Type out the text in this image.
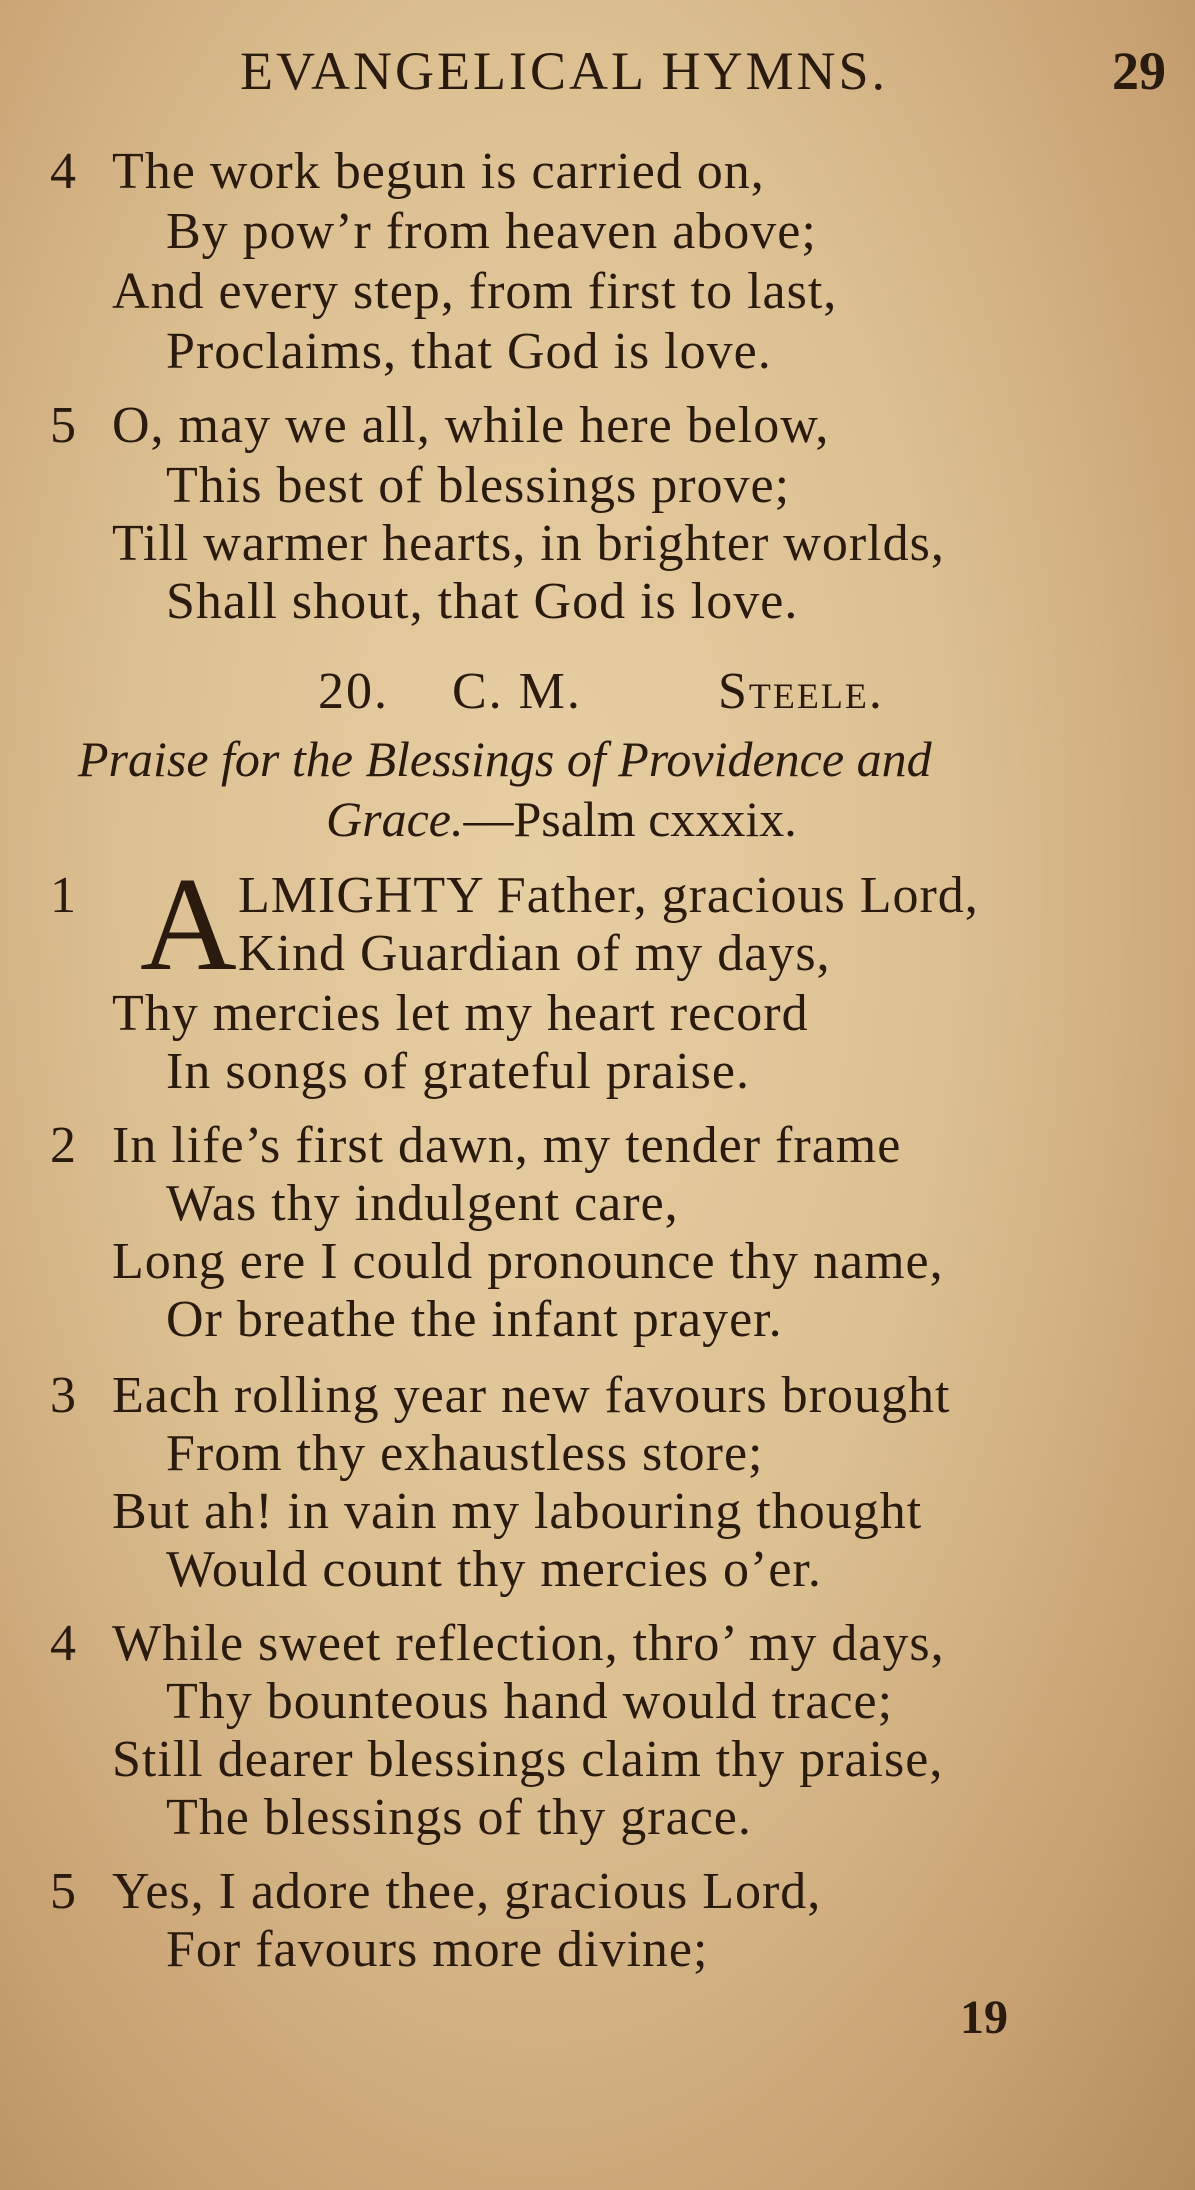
EVANGELICAL HYMNS.	29
4 The work begun is carried on,
By pow’r from heaven above;
And every step, from first to last,
Proclaims, that God is love.
5 O, may we all, while here below,
This best of blessings prove;
Till warmer hearts, in brighter worlds,
Shall shout, that God is love.
20. C. M.	Steele.
Praise for the Blessings of Providence and
Grace.—Psalm cxxxix.
1 A LMIGHTY Father, gracious Lord,
Kind Guardian of my days,
Thy mercies let my heart record
In songs of grateful praise.
2 In life’s first dawn, my tender frame
Was thy indulgent care,
Long ere I could pronounce thy name,
Or breathe the infant prayer.
3 Each rolling year new favours brought
From thy exhaustless store;
But ah! in vain my labouring thought
Would count thy mercies o’er.
4 While sweet reflection, thro’ my days,
Thy bounteous hand would trace;
Still dearer blessings claim thy praise,
The blessings of thy grace.
5 Yes, I adore thee, gracious Lord,
For favours more divine;
19
